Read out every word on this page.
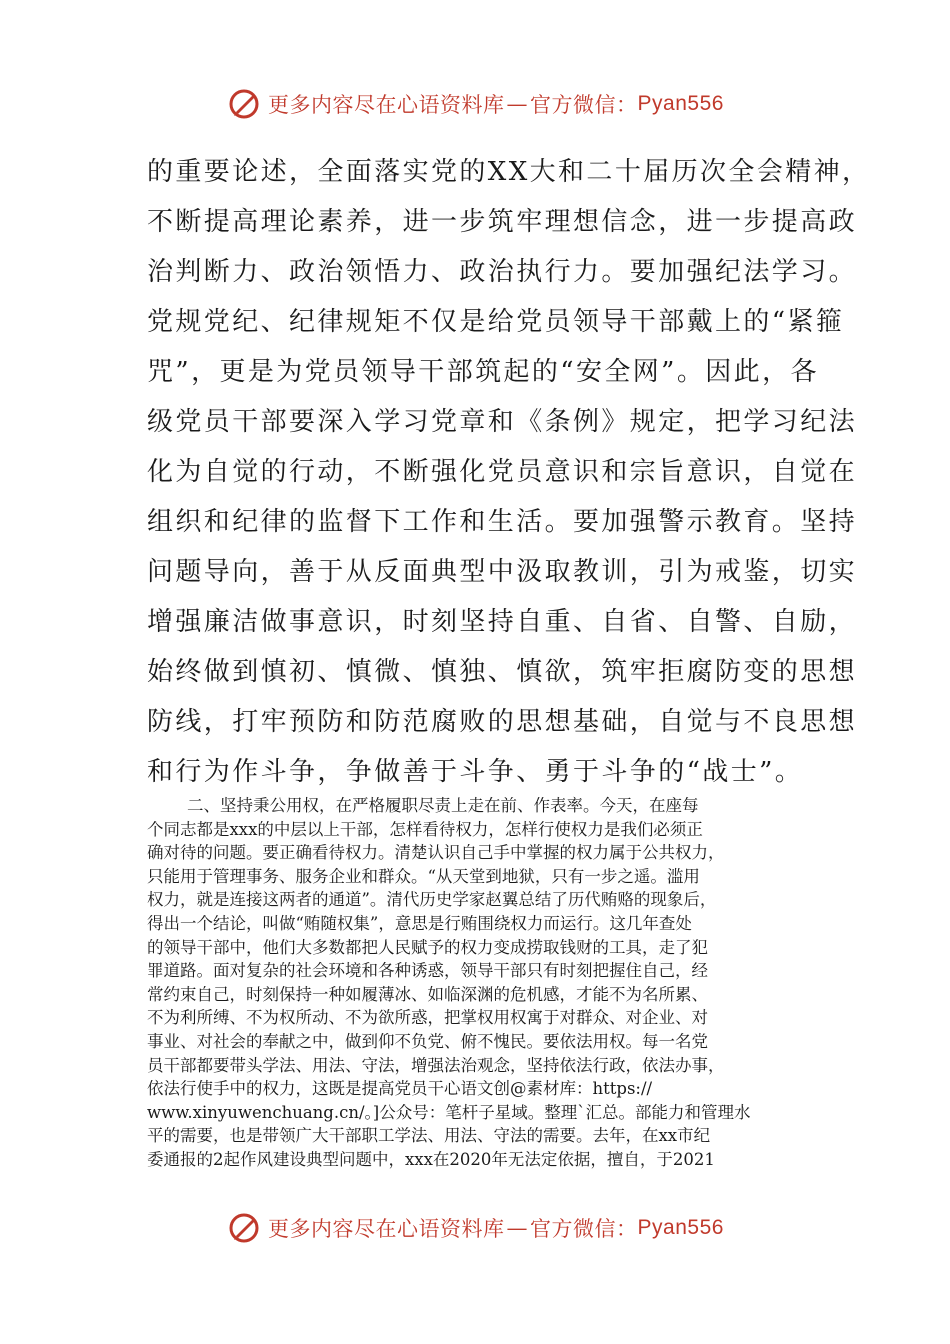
更多内容尽在心语资料库 — 官方微信： Pyan556
的重要论述，全面落实党的XX大和二十届历次全会精神，
不断提高理论素养，进一步筑牢理想信念，进一步提高政
治判断力、政治领悟力、政治执行力。要加强纪法学习。
党规党纪、纪律规矩不仅是给党员领导干部戴上的“紧箍
咒”，更是为党员领导干部筑起的“安全网”。因此，各
级党员干部要深入学习党章和《条例》规定，把学习纪法
化为自觉的行动，不断强化党员意识和宗旨意识，自觉在
组织和纪律的监督下工作和生活。要加强警示教育。坚持
问题导向，善于从反面典型中汲取教训，引为戒鉴，切实
增强廉洁做事意识，时刻坚持自重、自省、自警、自励，
始终做到慎初、慎微、慎独、慎欲，筑牢拒腐防变的思想
防线，打牢预防和防范腐败的思想基础，自觉与不良思想
和行为作斗争，争做善于斗争、勇于斗争的“战士”。
二、坚持秉公用权，在严格履职尽责上走在前、作表率。今天，在座每
个同志都是xxx的中层以上干部，怎样看待权力，怎样行使权力是我们必须正
确对待的问题。要正确看待权力。清楚认识自己手中掌握的权力属于公共权力，
只能用于管理事务、服务企业和群众。“从天堂到地狱，只有一步之遥。滥用
权力，就是连接这两者的通道”。清代历史学家赵翼总结了历代贿赂的现象后，
得出一个结论，叫做“贿随权集”，意思是行贿围绕权力而运行。这几年查处
的领导干部中，他们大多数都把人民赋予的权力变成捞取钱财的工具，走了犯
罪道路。面对复杂的社会环境和各种诱惑，领导干部只有时刻把握住自己，经
常约束自己，时刻保持一种如履薄冰、如临深渊的危机感，才能不为名所累、
不为利所缚、不为权所动、不为欲所惑，把掌权用权寓于对群众、对企业、对
事业、对社会的奉献之中，做到仰不负党、俯不愧民。要依法用权。每一名党
员干部都要带头学法、用法、守法，增强法治观念，坚持依法行政，依法办事，
依法行使手中的权力，这既是提高党员干心语文创@素材库：https://
www.xinyuwenchuang.cn/。]公众号：笔杆子星域。整理`汇总。部能力和管理水
平的需要，也是带领广大干部职工学法、用法、守法的需要。去年，在xx市纪
委通报的2起作风建设典型问题中，xxx在2020年无法定依据，擅自，于2021
更多内容尽在心语资料库 — 官方微信： Pyan556
